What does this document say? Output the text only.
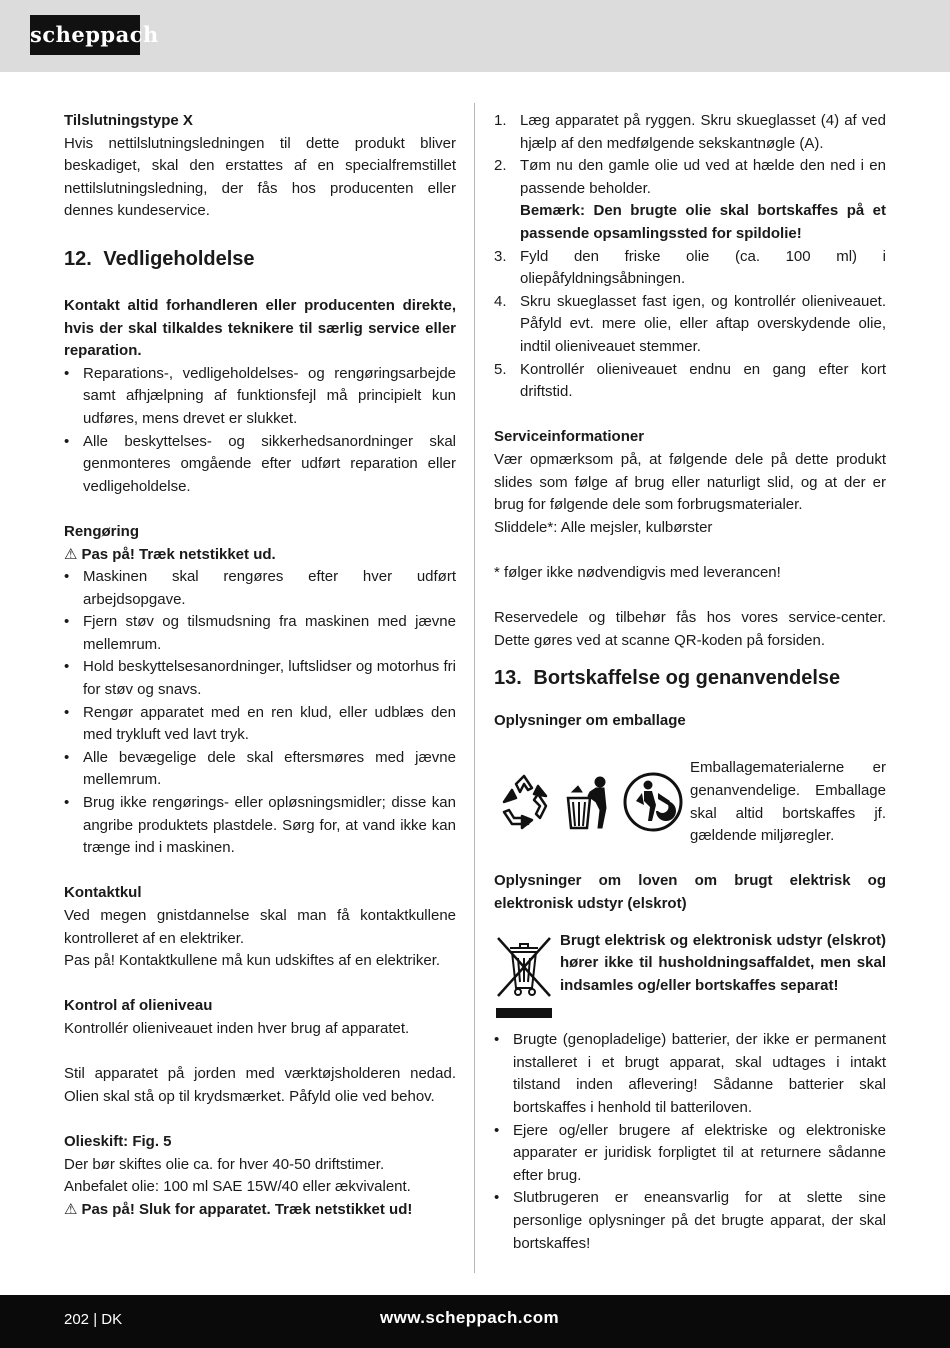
scheppach

Tilslutningstype X

Hvis nettilslutningsledningen til dette produkt bliver beskadiget, skal den erstattes af en specialfremstillet nettilslutningsledning, der fås hos producenten eller dennes kundeservice.

12. Vedligeholdelse

Kontakt altid forhandleren eller producenten direkte, hvis der skal tilkaldes teknikere til særlig service eller reparation.

• Reparations-, vedligeholdelses- og rengøringsarbejde samt afhjælpning af funktionsfejl må principielt kun udføres, mens drevet er slukket.
• Alle beskyttelses- og sikkerhedsanordninger skal genmonteres omgående efter udført reparation eller vedligeholdelse.

Rengøring

⚠ Pas på! Træk netstikket ud.

• Maskinen skal rengøres efter hver udført arbejdsopgave.
• Fjern støv og tilsmudsning fra maskinen med jævne mellemrum.
• Hold beskyttelsesanordninger, luftslidser og motorhus fri for støv og snavs.
• Rengør apparatet med en ren klud, eller udblæs den med trykluft ved lavt tryk.
• Alle bevægelige dele skal eftersmøres med jævne mellemrum.
• Brug ikke rengørings- eller opløsningsmidler; disse kan angribe produktets plastdele. Sørg for, at vand ikke kan trænge ind i maskinen.

Kontaktkul

Ved megen gnistdannelse skal man få kontaktkullene kontrolleret af en elektriker.

Pas på! Kontaktkullene må kun udskiftes af en elektriker.

Kontrol af olieniveau

Kontrollér olieniveauet inden hver brug af apparatet.

Stil apparatet på jorden med værktøjsholderen nedad. Olien skal stå op til krydsmærket. Påfyld olie ved behov.

Olieskift: Fig. 5

Der bør skiftes olie ca. for hver 40-50 driftstimer.

Anbefalet olie: 100 ml SAE 15W/40 eller ækvivalent.

⚠ Pas på! Sluk for apparatet. Træk netstikket ud!

1. Læg apparatet på ryggen. Skru skueglasset (4) af ved hjælp af den medfølgende sekskantnøgle (A).
2. Tøm nu den gamle olie ud ved at hælde den ned i en passende beholder.
Bemærk: Den brugte olie skal bortskaffes på et passende opsamlingssted for spildolie!
3. Fyld den friske olie (ca. 100 ml) i oliepåfyldningsåbningen.
4. Skru skueglasset fast igen, og kontrollér olieniveauet. Påfyld evt. mere olie, eller aftap overskydende olie, indtil olieniveauet stemmer.
5. Kontrollér olieniveauet endnu en gang efter kort driftstid.

Serviceinformationer

Vær opmærksom på, at følgende dele på dette produkt slides som følge af brug eller naturligt slid, og at der er brug for følgende dele som forbrugsmaterialer.

Sliddele*: Alle mejsler, kulbørster

* følger ikke nødvendigvis med leverancen!

Reservedele og tilbehør fås hos vores service-center. Dette gøres ved at scanne QR-koden på forsiden.

13. Bortskaffelse og genanvendelse

Oplysninger om emballage

Emballagematerialerne er genanvendelige. Emballage skal altid bortskaffes jf. gældende miljøregler.

Oplysninger om loven om brugt elektrisk og elektronisk udstyr (elskrot)

Brugt elektrisk og elektronisk udstyr (elskrot) hører ikke til husholdningsaffaldet, men skal indsamles og/eller bortskaffes separat!

• Brugte (genopladelige) batterier, der ikke er permanent installeret i et brugt apparat, skal udtages i intakt tilstand inden aflevering! Sådanne batterier skal bortskaffes i henhold til batteriloven.
• Ejere og/eller brugere af elektriske og elektroniske apparater er juridisk forpligtet til at returnere sådanne efter brug.
• Slutbrugeren er eneansvarlig for at slette sine personlige oplysninger på det brugte apparat, der skal bortskaffes!
202 | DK	www.scheppach.com
